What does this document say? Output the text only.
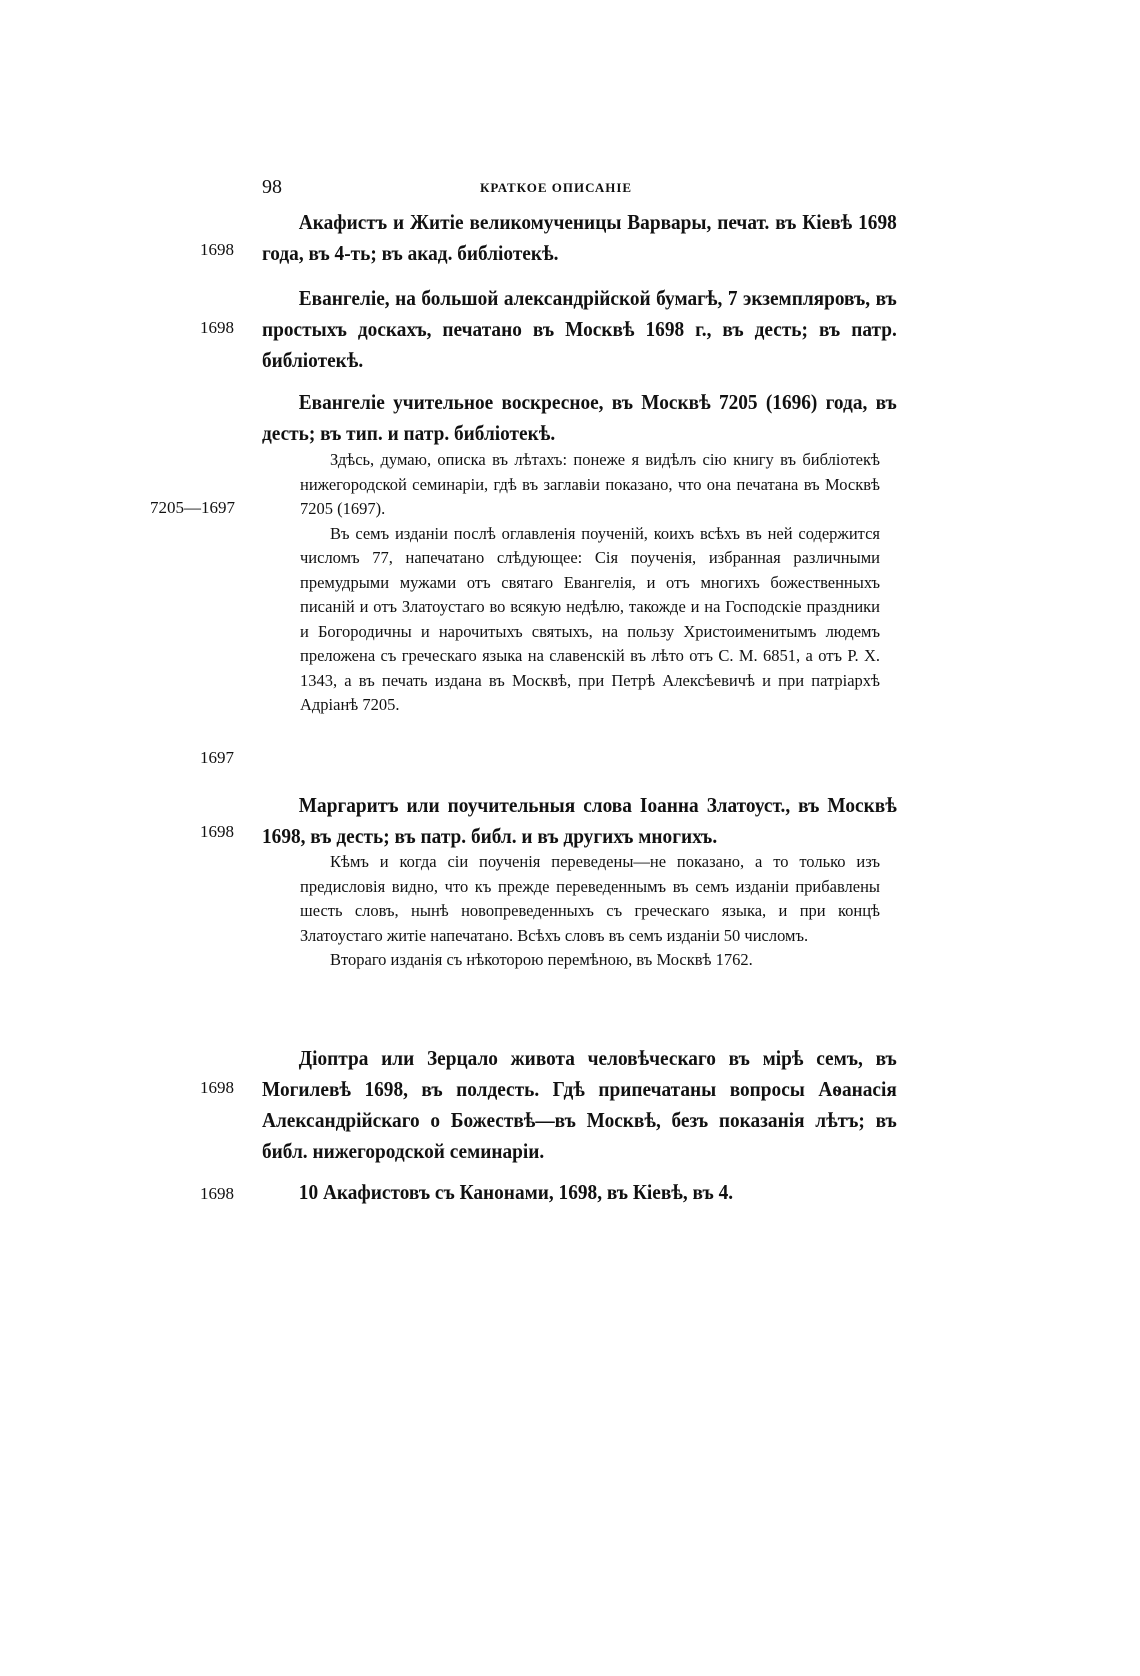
98	КРАТКОЕ ОПИСАНІЕ
1698
Акафистъ и Житіе великомученицы Варвары, печат. въ Кіевѣ 1698 года, въ 4-ть; въ акад. библіотекѣ.
1698
Евангеліе, на большой александрійской бумагѣ, 7 экземпляровъ, въ простыхъ доскахъ, печатано въ Москвѣ 1698 г., въ десть; въ патр. библіотекѣ.
7205—1697
1697
Евангеліе учительное воскресное, въ Москвѣ 7205 (1696) года, въ десть; въ тип. и патр. библіотекѣ.

Здѣсь, думаю, описка въ лѣтахъ: понеже я видѣлъ сію книгу въ библіотекѣ нижегородской семинаріи, гдѣ въ заглавіи показано, что она печатана въ Москвѣ 7205 (1697).

Въ семъ изданіи послѣ оглавленія поученій, коихъ всѣхъ въ ней содержится числомъ 77, напечатано слѣдующее: Сія поученія, избранная различными премудрыми мужами отъ святаго Евангелія, и отъ многихъ божественныхъ писаній и отъ Златоустаго во всякую недѣлю, такожде и на Господскіе праздники и Богородичны и нарочитыхъ святыхъ, на пользу Христоименитымъ людемъ преложена съ греческаго языка на славенскій въ лѣто отъ С. М. 6851, а отъ Р. Х. 1343, а въ печать издана въ Москвѣ, при Петрѣ Алексѣевичѣ и при патріархѣ Адріанѣ 7205.

1698
Маргаритъ или поучительныя слова Іоанна Златоуст., въ Москвѣ 1698, въ десть; въ патр. библ. и въ другихъ многихъ.

Кѣмъ и когда сіи поученія переведены—не показано, а то только изъ предисловія видно, что къ прежде переведеннымъ въ семъ изданіи прибавлены шесть словъ, нынѣ новопреведенныхъ съ греческаго языка, и при концѣ Златоустаго житіе напечатано. Всѣхъ словъ въ семъ изданіи 50 числомъ.

Втораго изданія съ нѣкоторою перемѣною, въ Москвѣ 1762.

1698
Діоптра или Зерцало живота человѣческаго въ мірѣ семъ, въ Могилевѣ 1698, въ полдесть. Гдѣ припечатаны вопросы Аѳанасія Александрійскаго о Божествѣ—въ Москвѣ, безъ показанія лѣтъ; въ библ. нижегородской семинаріи.
1698	10 Акафистовъ съ Канонами, 1698, въ Кіевѣ, въ 4.
